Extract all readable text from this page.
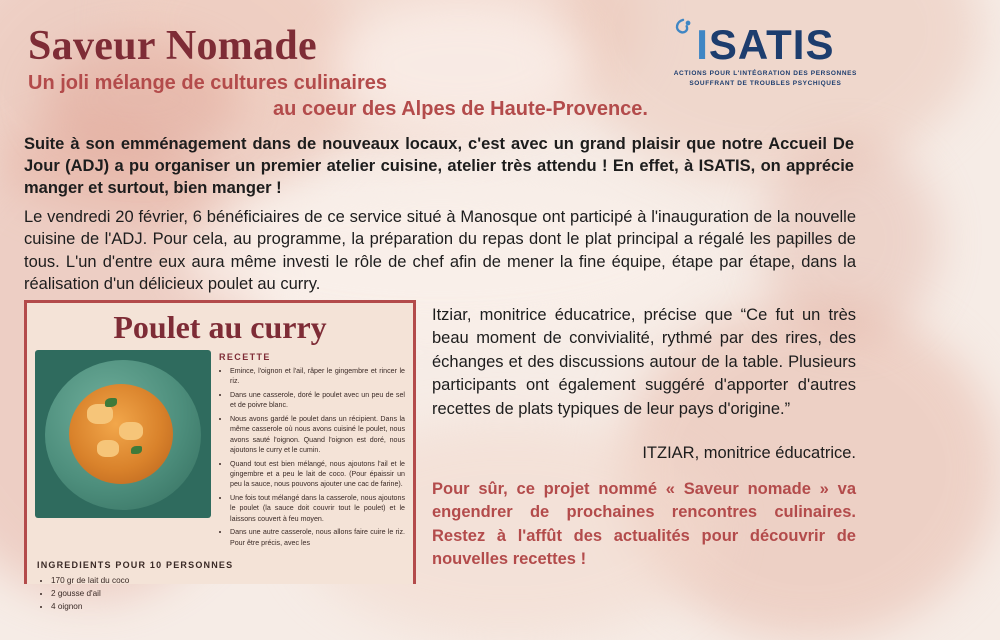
Saveur Nomade
Un joli mélange de cultures culinaires
au coeur des Alpes de Haute-Provence.
ISATIS
ACTIONS POUR L'INTÉGRATION DES PERSONNES
SOUFFRANT DE TROUBLES PSYCHIQUES
Suite à son emménagement dans de nouveaux locaux, c'est avec un grand plaisir que notre Accueil De Jour (ADJ) a pu organiser un premier atelier cuisine, atelier très attendu ! En effet, à ISATIS, on apprécie manger et surtout, bien manger !
Le vendredi 20 février, 6 bénéficiaires de ce service situé à Manosque ont participé à l'inauguration de la nouvelle cuisine de l'ADJ. Pour cela, au programme, la préparation du repas dont le plat principal a régalé les papilles de tous. L'un d'entre eux aura même investi le rôle de chef afin de mener la fine équipe, étape par étape, dans la réalisation d'un délicieux poulet au curry.
Poulet au curry
RECETTE
• Emince, l'oignon et l'ail, râper le gingembre et rincer le riz.
• Dans une casserole, doré le poulet avec un peu de sel et de poivre blanc.
• Nous avons gardé le poulet dans un récipient. Dans la même casserole où nous avons cuisiné le poulet, nous avons sauté l'oignon. Quand l'oignon est doré, nous ajoutons le curry et le cumin.
• Quand tout est bien mélangé, nous ajoutons l'ail et le gingembre et a peu le lait de coco. (Pour épaissir un peu la sauce, nous pouvons ajouter une cac de farine).
• Une fois tout mélangé dans la casserole, nous ajoutons le poulet (la sauce doit couvrir tout le poulet) et le laissons couvert à feu moyen.
• Dans une autre casserole, nous allons faire cuire le riz. Pour être précis, avec les
INGREDIENTS POUR 10 PERSONNES
• 170 gr de lait du coco
• 2 gousse d'ail
• 4 oignon
Itziar, monitrice éducatrice, précise que “Ce fut un très beau moment de convivialité, rythmé par des rires, des échanges et des discussions autour de la table. Plusieurs participants ont également suggéré d'apporter d'autres recettes de plats typiques de leur pays d'origine.”
ITZIAR, monitrice éducatrice.
Pour sûr, ce projet nommé « Saveur nomade » va engendrer de prochaines rencontres culinaires. Restez à l'affût des actualités pour découvrir de nouvelles recettes !
